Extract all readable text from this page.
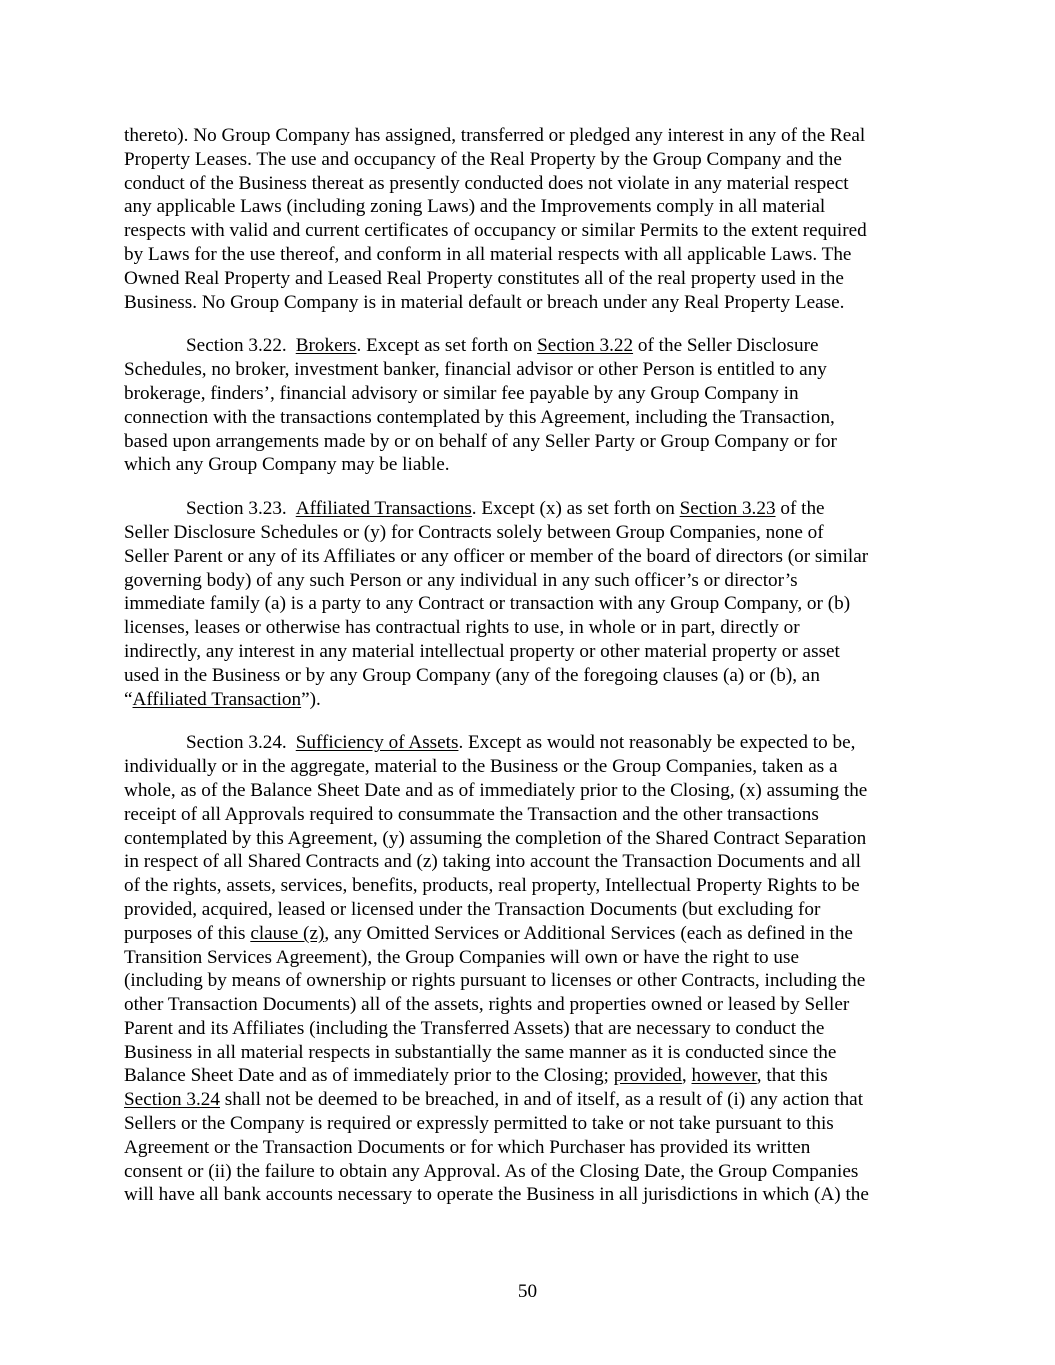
thereto). No Group Company has assigned, transferred or pledged any interest in any of the Real
Property Leases. The use and occupancy of the Real Property by the Group Company and the
conduct of the Business thereat as presently conducted does not violate in any material respect
any applicable Laws (including zoning Laws) and the Improvements comply in all material
respects with valid and current certificates of occupancy or similar Permits to the extent required
by Laws for the use thereof, and conform in all material respects with all applicable Laws. The
Owned Real Property and Leased Real Property constitutes all of the real property used in the
Business. No Group Company is in material default or breach under any Real Property Lease.
Section 3.22. Brokers. Except as set forth on Section 3.22 of the Seller Disclosure
Schedules, no broker, investment banker, financial advisor or other Person is entitled to any
brokerage, finders’, financial advisory or similar fee payable by any Group Company in
connection with the transactions contemplated by this Agreement, including the Transaction,
based upon arrangements made by or on behalf of any Seller Party or Group Company or for
which any Group Company may be liable.
Section 3.23. Affiliated Transactions. Except (x) as set forth on Section 3.23 of the
Seller Disclosure Schedules or (y) for Contracts solely between Group Companies, none of
Seller Parent or any of its Affiliates or any officer or member of the board of directors (or similar
governing body) of any such Person or any individual in any such officer’s or director’s
immediate family (a) is a party to any Contract or transaction with any Group Company, or (b)
licenses, leases or otherwise has contractual rights to use, in whole or in part, directly or
indirectly, any interest in any material intellectual property or other material property or asset
used in the Business or by any Group Company (any of the foregoing clauses (a) or (b), an
“Affiliated Transaction”).
Section 3.24. Sufficiency of Assets. Except as would not reasonably be expected to be,
individually or in the aggregate, material to the Business or the Group Companies, taken as a
whole, as of the Balance Sheet Date and as of immediately prior to the Closing, (x) assuming the
receipt of all Approvals required to consummate the Transaction and the other transactions
contemplated by this Agreement, (y) assuming the completion of the Shared Contract Separation
in respect of all Shared Contracts and (z) taking into account the Transaction Documents and all
of the rights, assets, services, benefits, products, real property, Intellectual Property Rights to be
provided, acquired, leased or licensed under the Transaction Documents (but excluding for
purposes of this clause (z), any Omitted Services or Additional Services (each as defined in the
Transition Services Agreement), the Group Companies will own or have the right to use
(including by means of ownership or rights pursuant to licenses or other Contracts, including the
other Transaction Documents) all of the assets, rights and properties owned or leased by Seller
Parent and its Affiliates (including the Transferred Assets) that are necessary to conduct the
Business in all material respects in substantially the same manner as it is conducted since the
Balance Sheet Date and as of immediately prior to the Closing; provided, however, that this
Section 3.24 shall not be deemed to be breached, in and of itself, as a result of (i) any action that
Sellers or the Company is required or expressly permitted to take or not take pursuant to this
Agreement or the Transaction Documents or for which Purchaser has provided its written
consent or (ii) the failure to obtain any Approval. As of the Closing Date, the Group Companies
will have all bank accounts necessary to operate the Business in all jurisdictions in which (A) the
50
